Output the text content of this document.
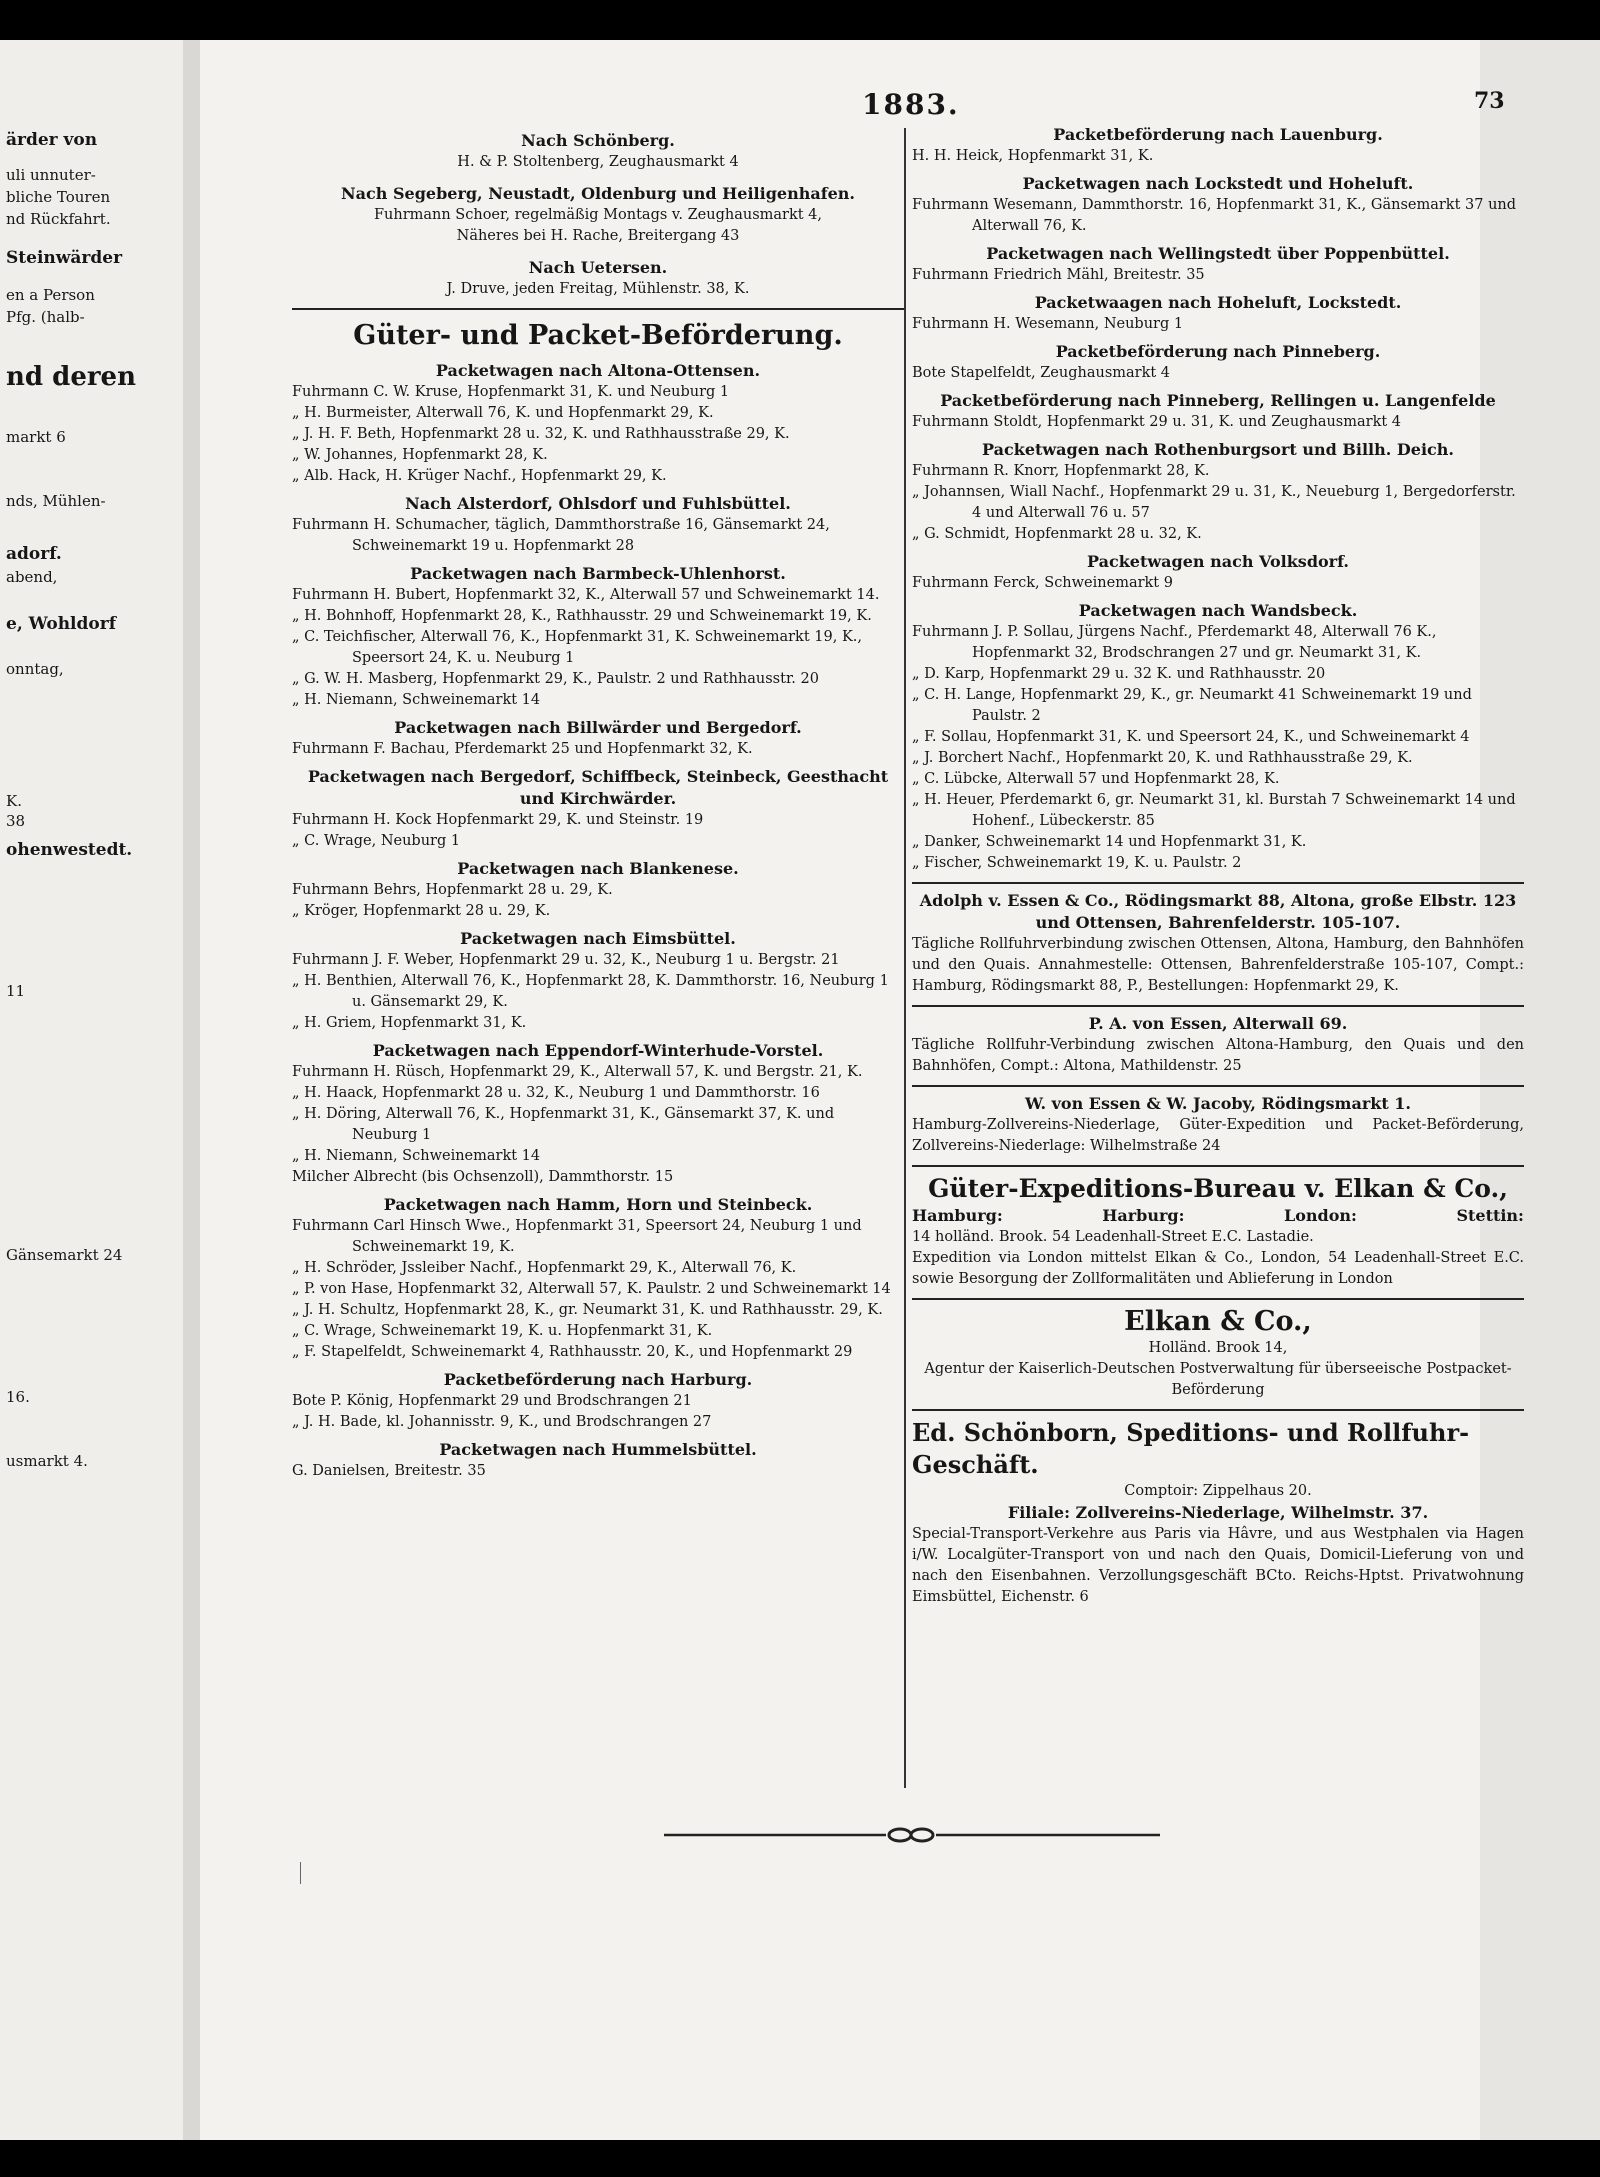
ärder von
uli unnuter-
bliche Touren
nd Rückfahrt.
Steinwärder
en a Person
Pfg. (halb-
nd deren
markt 6
nds, Mühlen-
adorf.
abend,
e, Wohldorf
onntag,
K.
38
ohenwestedt.
11
Gänsemarkt 24
16.
usmarkt 4.
1883.	73
Nach Schönberg.
H. & P. Stoltenberg, Zeughausmarkt 4
Nach Segeberg, Neustadt, Oldenburg und Heiligenhafen.
Fuhrmann Schoer, regelmäßig Montags v. Zeughausmarkt 4,
Näheres bei H. Rache, Breitergang 43
Nach Uetersen.
J. Druve, jeden Freitag, Mühlenstr. 38, K.
Güter- und Packet-Beförderung.
Packetwagen nach Altona-Ottensen.
Fuhrmann C. W. Kruse, Hopfenmarkt 31, K. und Neuburg 1
„ H. Burmeister, Alterwall 76, K. und Hopfenmarkt 29, K.
„ J. H. F. Beth, Hopfenmarkt 28 u. 32, K. und Rathhausstraße 29, K.
„ W. Johannes, Hopfenmarkt 28, K.
„ Alb. Hack, H. Krüger Nachf., Hopfenmarkt 29, K.
Nach Alsterdorf, Ohlsdorf und Fuhlsbüttel.
Fuhrmann H. Schumacher, täglich, Dammthorstraße 16, Gänsemarkt 24, Schweinemarkt 19 u. Hopfenmarkt 28
Packetwagen nach Barmbeck-Uhlenhorst.
Fuhrmann H. Bubert, Hopfenmarkt 32, K., Alterwall 57 und Schweinemarkt 14.
„ H. Bohnhoff, Hopfenmarkt 28, K., Rathhausstr. 29 und Schweinemarkt 19, K.
„ C. Teichfischer, Alterwall 76, K., Hopfenmarkt 31, K. Schweinemarkt 19, K., Speersort 24, K. u. Neuburg 1
„ G. W. H. Masberg, Hopfenmarkt 29, K., Paulstr. 2 und Rathhausstr. 20
„ H. Niemann, Schweinemarkt 14
Packetwagen nach Billwärder und Bergedorf.
Fuhrmann F. Bachau, Pferdemarkt 25 und Hopfenmarkt 32, K.
Packetwagen nach Bergedorf, Schiffbeck, Steinbeck, Geesthacht und Kirchwärder.
Fuhrmann H. Kock Hopfenmarkt 29, K. und Steinstr. 19
„ C. Wrage, Neuburg 1
Packetwagen nach Blankenese.
Fuhrmann Behrs, Hopfenmarkt 28 u. 29, K.
„ Kröger, Hopfenmarkt 28 u. 29, K.
Packetwagen nach Eimsbüttel.
Fuhrmann J. F. Weber, Hopfenmarkt 29 u. 32, K., Neuburg 1 u. Bergstr. 21
„ H. Benthien, Alterwall 76, K., Hopfenmarkt 28, K. Dammthorstr. 16, Neuburg 1 u. Gänsemarkt 29, K.
„ H. Griem, Hopfenmarkt 31, K.
Packetwagen nach Eppendorf-Winterhude-Vorstel.
Fuhrmann H. Rüsch, Hopfenmarkt 29, K., Alterwall 57, K. und Bergstr. 21, K.
„ H. Haack, Hopfenmarkt 28 u. 32, K., Neuburg 1 und Dammthorstr. 16
„ H. Döring, Alterwall 76, K., Hopfenmarkt 31, K., Gänsemarkt 37, K. und Neuburg 1
„ H. Niemann, Schweinemarkt 14
Milcher Albrecht (bis Ochsenzoll), Dammthorstr. 15
Packetwagen nach Hamm, Horn und Steinbeck.
Fuhrmann Carl Hinsch Wwe., Hopfenmarkt 31, Speersort 24, Neuburg 1 und Schweinemarkt 19, K.
„ H. Schröder, Jssleiber Nachf., Hopfenmarkt 29, K., Alterwall 76, K.
„ P. von Hase, Hopfenmarkt 32, Alterwall 57, K. Paulstr. 2 und Schweinemarkt 14
„ J. H. Schultz, Hopfenmarkt 28, K., gr. Neumarkt 31, K. und Rathhausstr. 29, K.
„ C. Wrage, Schweinemarkt 19, K. u. Hopfenmarkt 31, K.
„ F. Stapelfeldt, Schweinemarkt 4, Rathhausstr. 20, K., und Hopfenmarkt 29
Packetbeförderung nach Harburg.
Bote P. König, Hopfenmarkt 29 und Brodschrangen 21
„ J. H. Bade, kl. Johannisstr. 9, K., und Brodschrangen 27
Packetwagen nach Hummelsbüttel.
G. Danielsen, Breitestr. 35
Packetbeförderung nach Lauenburg.
H. H. Heick, Hopfenmarkt 31, K.
Packetwagen nach Lockstedt und Hoheluft.
Fuhrmann Wesemann, Dammthorstr. 16, Hopfenmarkt 31, K., Gänsemarkt 37 und Alterwall 76, K.
Packetwagen nach Wellingstedt über Poppenbüttel.
Fuhrmann Friedrich Mähl, Breitestr. 35
Packetwaagen nach Hoheluft, Lockstedt.
Fuhrmann H. Wesemann, Neuburg 1
Packetbeförderung nach Pinneberg.
Bote Stapelfeldt, Zeughausmarkt 4
Packetbeförderung nach Pinneberg, Rellingen u. Langenfelde
Fuhrmann Stoldt, Hopfenmarkt 29 u. 31, K. und Zeughausmarkt 4
Packetwagen nach Rothenburgsort und Billh. Deich.
Fuhrmann R. Knorr, Hopfenmarkt 28, K.
„ Johannsen, Wiall Nachf., Hopfenmarkt 29 u. 31, K., Neueburg 1, Bergedorferstr. 4 und Alterwall 76 u. 57
„ G. Schmidt, Hopfenmarkt 28 u. 32, K.
Packetwagen nach Volksdorf.
Fuhrmann Ferck, Schweinemarkt 9
Packetwagen nach Wandsbeck.
Fuhrmann J. P. Sollau, Jürgens Nachf., Pferdemarkt 48, Alterwall 76 K., Hopfenmarkt 32, Brodschrangen 27 und gr. Neumarkt 31, K.
„ D. Karp, Hopfenmarkt 29 u. 32 K. und Rathhausstr. 20
„ C. H. Lange, Hopfenmarkt 29, K., gr. Neumarkt 41 Schweinemarkt 19 und Paulstr. 2
„ F. Sollau, Hopfenmarkt 31, K. und Speersort 24, K., und Schweinemarkt 4
„ J. Borchert Nachf., Hopfenmarkt 20, K. und Rathhausstraße 29, K.
„ C. Lübcke, Alterwall 57 und Hopfenmarkt 28, K.
„ H. Heuer, Pferdemarkt 6, gr. Neumarkt 31, kl. Burstah 7 Schweinemarkt 14 und Hohenf., Lübeckerstr. 85
„ Danker, Schweinemarkt 14 und Hopfenmarkt 31, K.
„ Fischer, Schweinemarkt 19, K. u. Paulstr. 2
Adolph v. Essen & Co., Rödingsmarkt 88, Altona, große Elbstr. 123 und Ottensen, Bahrenfelderstr. 105-107.
Tägliche Rollfuhrverbindung zwischen Ottensen, Altona, Hamburg, den Bahnhöfen und den Quais. Annahmestelle: Ottensen, Bahrenfelderstraße 105-107, Compt.: Hamburg, Rödingsmarkt 88, P., Bestellungen: Hopfenmarkt 29, K.
P. A. von Essen, Alterwall 69.
Tägliche Rollfuhr-Verbindung zwischen Altona-Hamburg, den Quais und den Bahnhöfen, Compt.: Altona, Mathildenstr. 25
W. von Essen & W. Jacoby, Rödingsmarkt 1.
Hamburg-Zollvereins-Niederlage, Güter-Expedition und Packet-Beförderung, Zollvereins-Niederlage: Wilhelmstraße 24
Güter-Expeditions-Bureau v. Elkan & Co.,
Hamburg:	Harburg:	London:	Stettin:
14 holländ. Brook. 54 Leadenhall-Street E.C. Lastadie.
Expedition via London mittelst Elkan & Co., London, 54 Leadenhall-Street E.C. sowie Besorgung der Zollformalitäten und Ablieferung in London
Elkan & Co.,
Holländ. Brook 14,
Agentur der Kaiserlich-Deutschen Postverwaltung für überseeische Postpacket-Beförderung
Ed. Schönborn, Speditions- und Rollfuhr-Geschäft.
Comptoir: Zippelhaus 20.
Filiale: Zollvereins-Niederlage, Wilhelmstr. 37.
Special-Transport-Verkehre aus Paris via Hâvre, und aus Westphalen via Hagen i/W. Localgüter-Transport von und nach den Quais, Domicil-Lieferung von und nach den Eisenbahnen. Verzollungsgeschäft BCto. Reichs-Hptst. Privatwohnung Eimsbüttel, Eichenstr. 6
